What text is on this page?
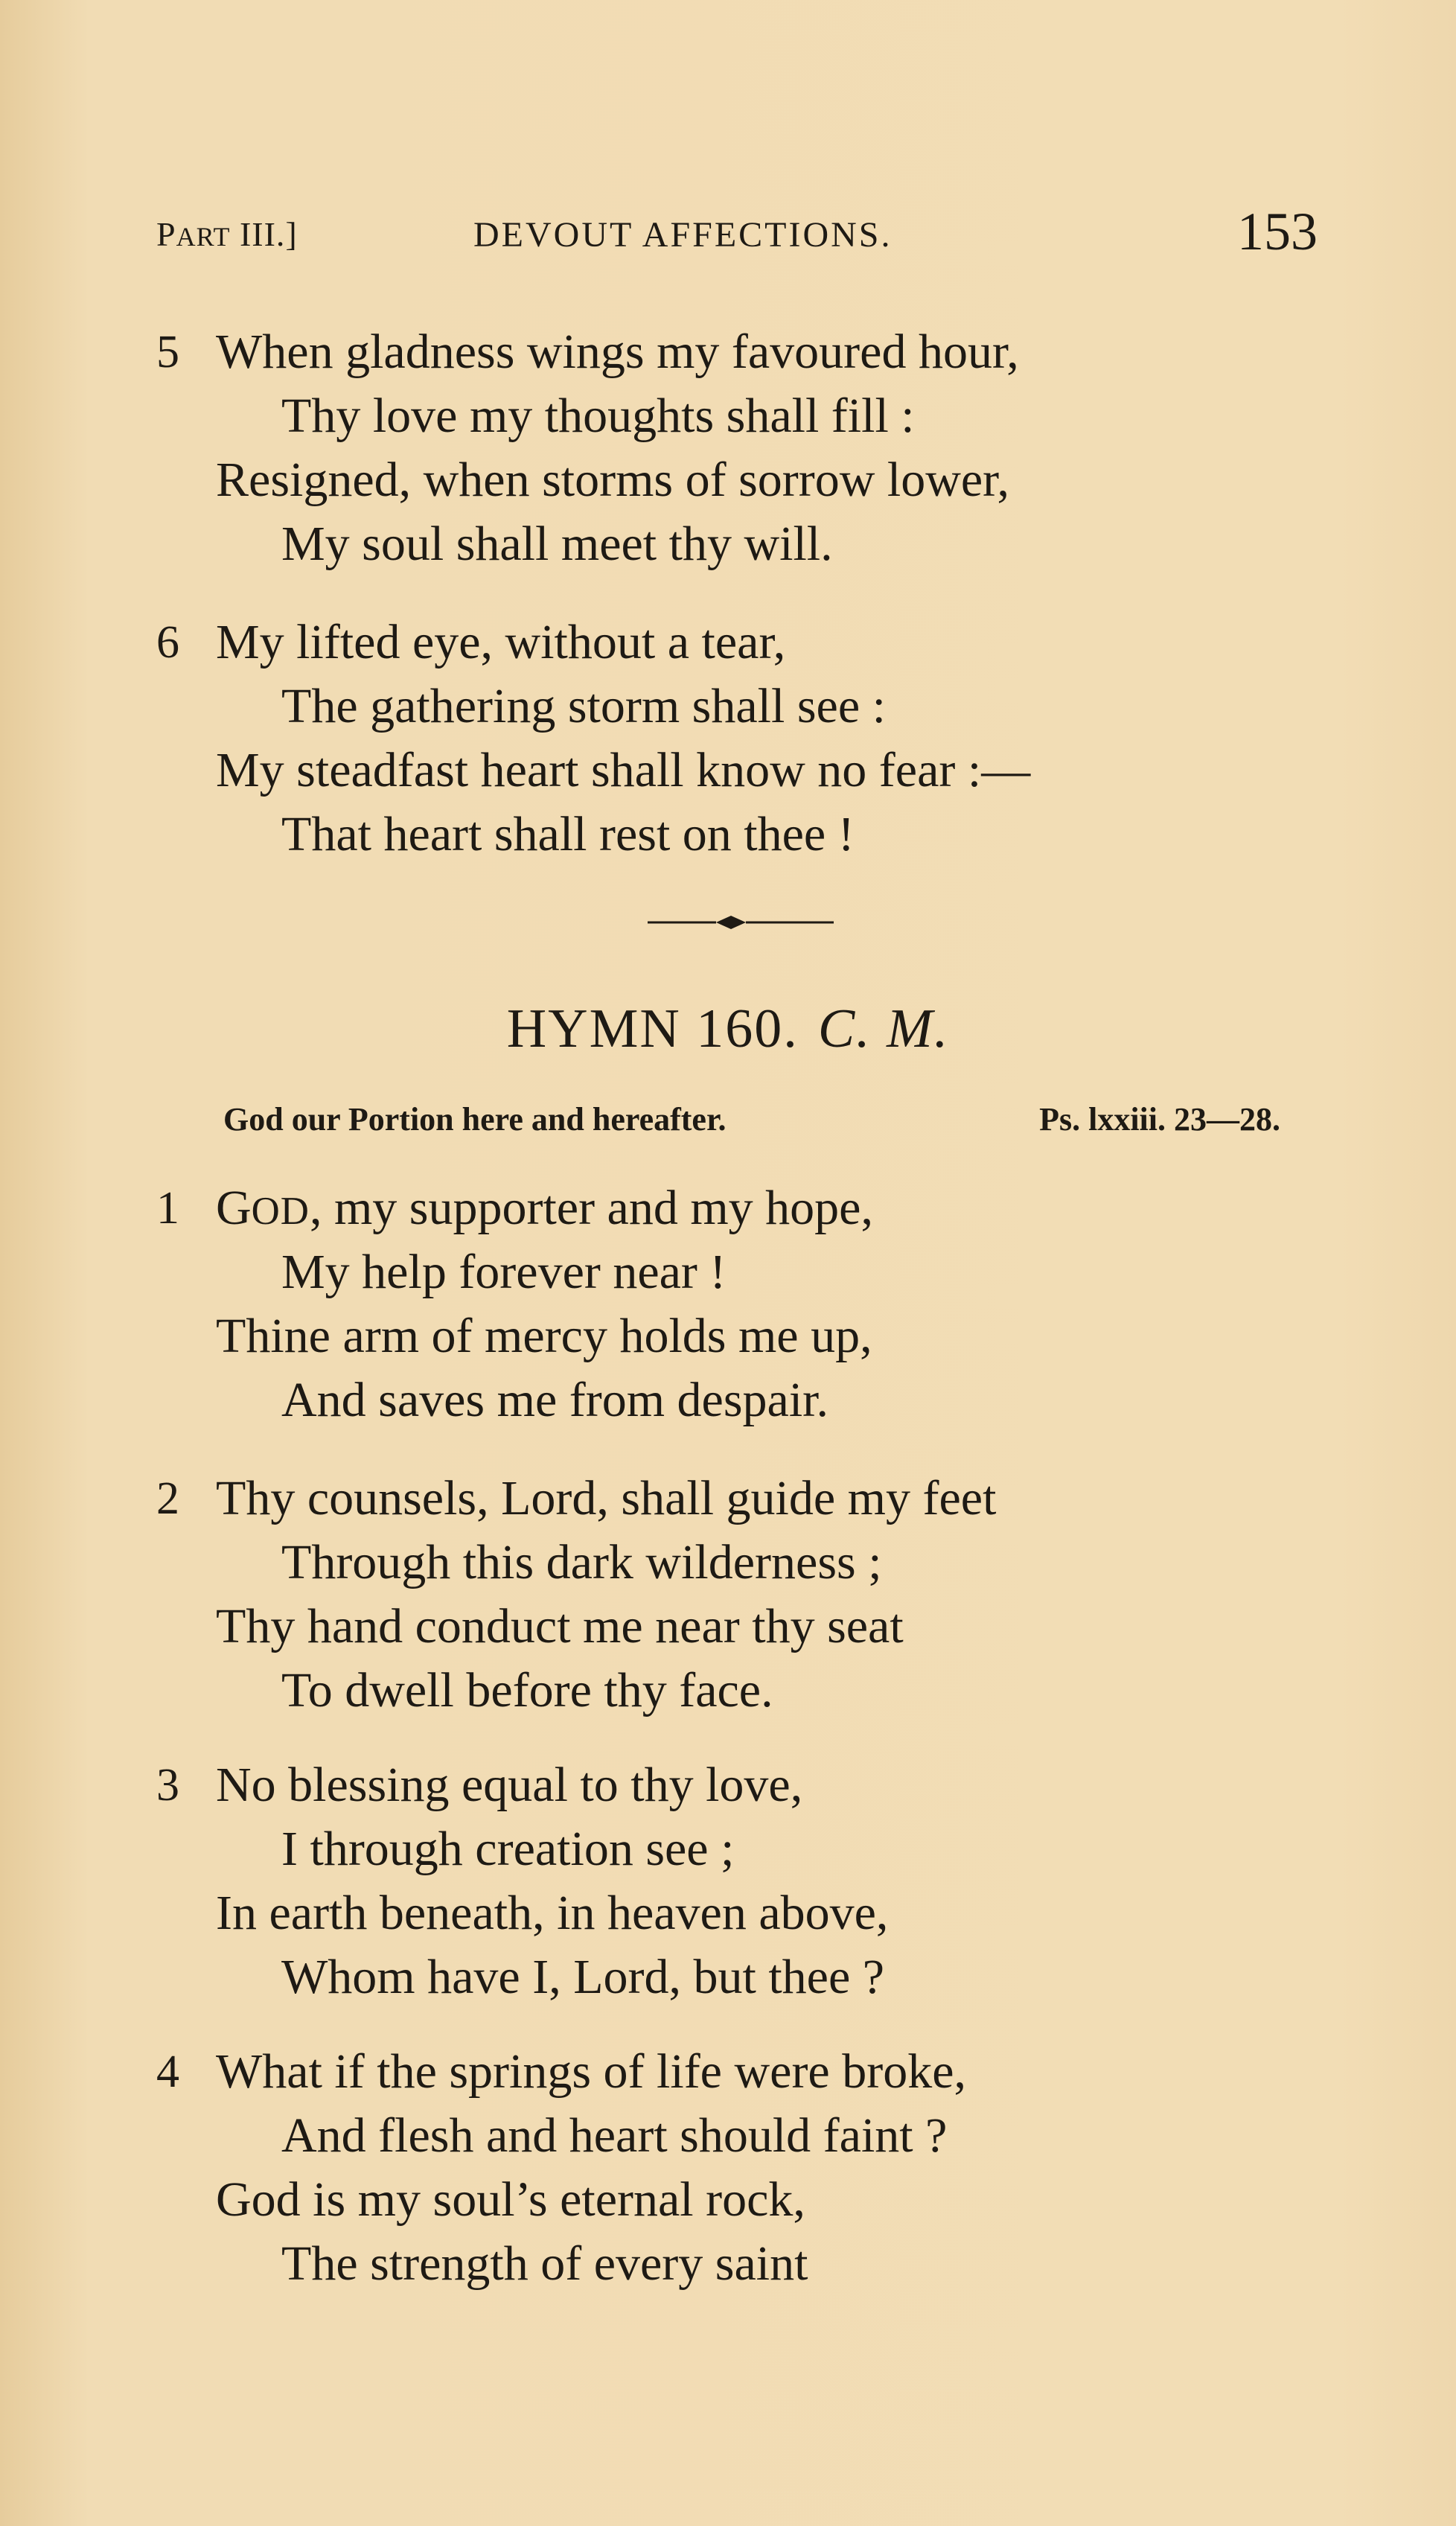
PART III.]	DEVOUT AFFECTIONS.	153
5 When gladness wings my favoured hour,
Thy love my thoughts shall fill :
Resigned, when storms of sorrow lower,
My soul shall meet thy will.
6 My lifted eye, without a tear,
The gathering storm shall see :
My steadfast heart shall know no fear :—
That heart shall rest on thee !
HYMN 160. C. M.
God our Portion here and hereafter.	Ps. lxxiii. 23—28.
1 GOD, my supporter and my hope,
My help forever near !
Thine arm of mercy holds me up,
And saves me from despair.
2 Thy counsels, Lord, shall guide my feet
Through this dark wilderness ;
Thy hand conduct me near thy seat
To dwell before thy face.
3 No blessing equal to thy love,
I through creation see ;
In earth beneath, in heaven above,
Whom have I, Lord, but thee ?
4 What if the springs of life were broke,
And flesh and heart should faint ?
God is my soul’s eternal rock,
The strength of every saint
